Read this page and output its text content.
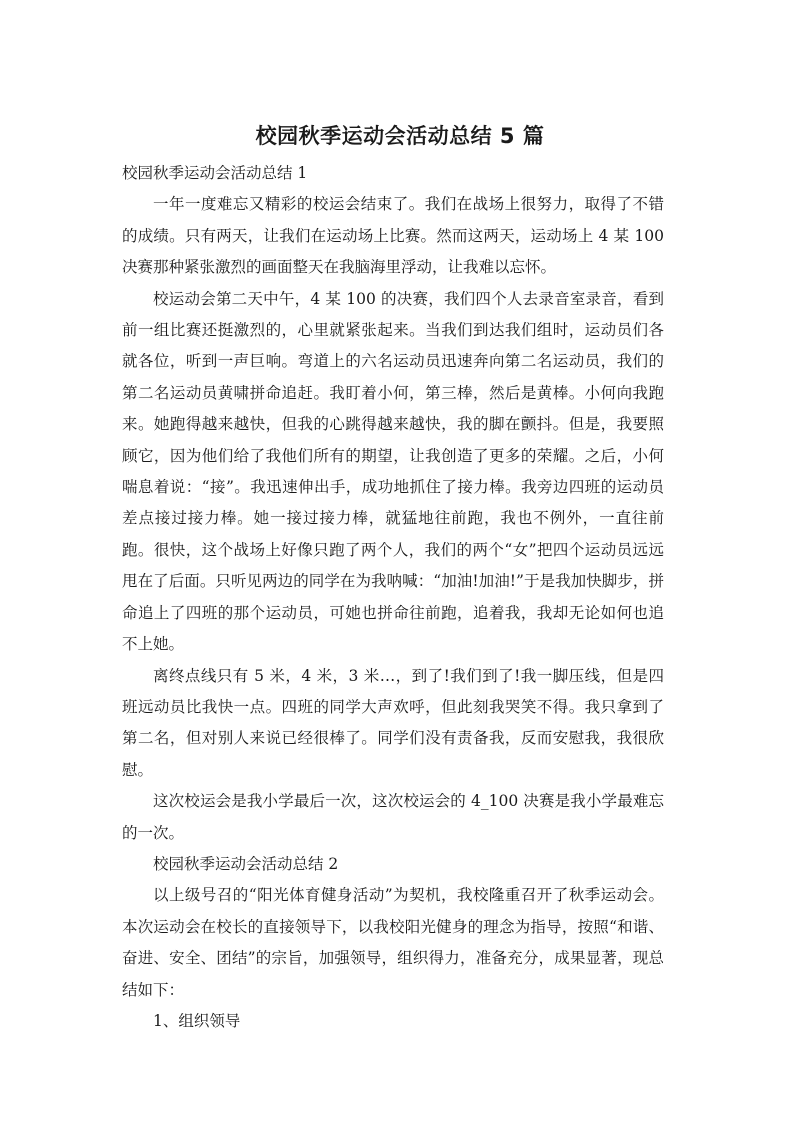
校园秋季运动会活动总结 5 篇

校园秋季运动会活动总结 1

一年一度难忘又精彩的校运会结束了。我们在战场上很努力，取得了不错的成绩。只有两天，让我们在运动场上比赛。然而这两天，运动场上 4 某 100 决赛那种紧张激烈的画面整天在我脑海里浮动，让我难以忘怀。

校运动会第二天中午，4 某 100 的决赛，我们四个人去录音室录音，看到前一组比赛还挺激烈的，心里就紧张起来。当我们到达我们组时，运动员们各就各位，听到一声巨响。弯道上的六名运动员迅速奔向第二名运动员，我们的第二名运动员黄啸拼命追赶。我盯着小何，第三棒，然后是黄棒。小何向我跑来。她跑得越来越快，但我的心跳得越来越快，我的脚在颤抖。但是，我要照顾它，因为他们给了我他们所有的期望，让我创造了更多的荣耀。之后，小何喘息着说：“接”。我迅速伸出手，成功地抓住了接力棒。我旁边四班的运动员差点接过接力棒。她一接过接力棒，就猛地往前跑，我也不例外，一直往前跑。很快，这个战场上好像只跑了两个人，我们的两个“女”把四个运动员远远甩在了后面。只听见两边的同学在为我呐喊：“加油!加油!”于是我加快脚步，拼命追上了四班的那个运动员，可她也拼命往前跑，追着我，我却无论如何也追不上她。

离终点线只有 5 米，4 米，3 米…，到了!我们到了!我一脚压线，但是四班远动员比我快一点。四班的同学大声欢呼，但此刻我哭笑不得。我只拿到了第二名，但对别人来说已经很棒了。同学们没有责备我，反而安慰我，我很欣慰。

这次校运会是我小学最后一次，这次校运会的 4_100 决赛是我小学最难忘的一次。

校园秋季运动会活动总结 2

以上级号召的“阳光体育健身活动”为契机，我校隆重召开了秋季运动会。本次运动会在校长的直接领导下，以我校阳光健身的理念为指导，按照“和谐、奋进、安全、团结”的宗旨，加强领导，组织得力，准备充分，成果显著，现总结如下：

1、组织领导
